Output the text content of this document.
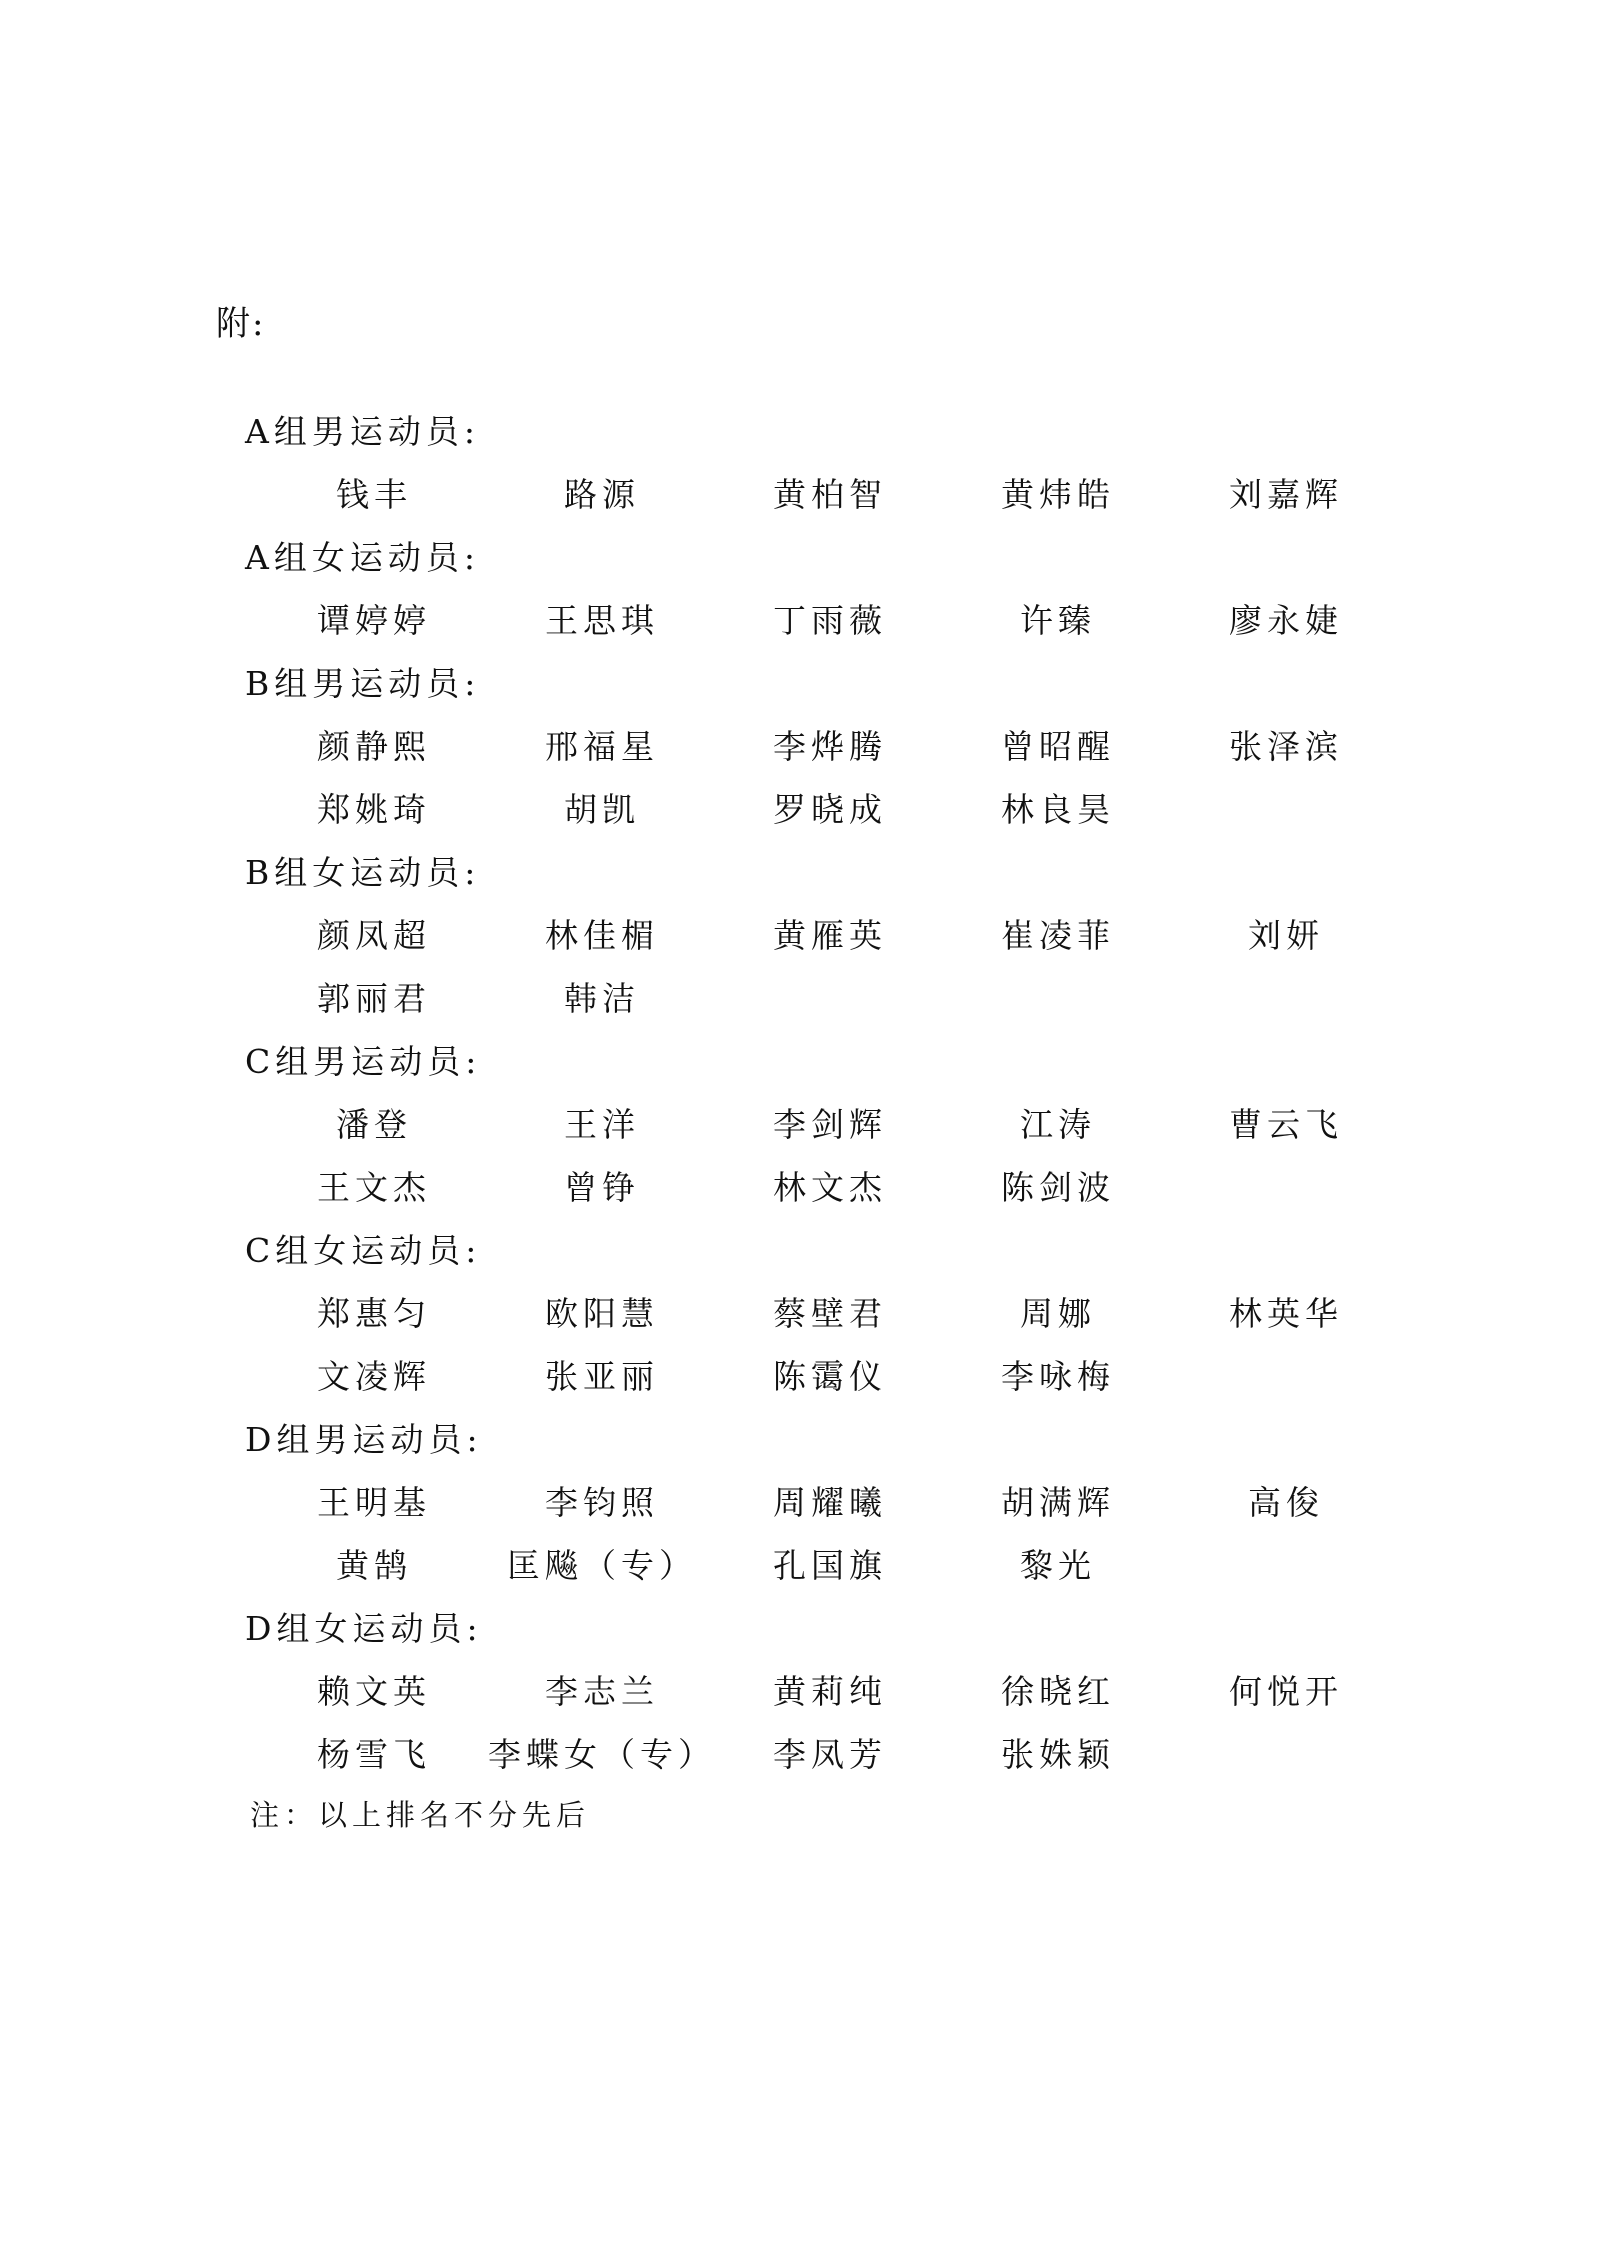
附:
A组男运动员:
钱丰	路源	黄柏智	黄炜皓	刘嘉辉
A组女运动员:
谭婷婷	王思琪	丁雨薇	许臻	廖永婕
B组男运动员:
颜静熙	邢福星	李烨腾	曾昭醒	张泽滨
郑姚琦	胡凯	罗晓成	林良昊
B组女运动员:
颜凤超	林佳楣	黄雁英	崔凌菲	刘妍
郭丽君	韩洁
C组男运动员:
潘登	王洋	李剑辉	江涛	曹云飞
王文杰	曾铮	林文杰	陈剑波
C组女运动员:
郑惠匀	欧阳慧	蔡壁君	周娜	林英华
文凌辉	张亚丽	陈霭仪	李咏梅
D组男运动员:
王明基	李钧照	周耀曦	胡满辉	高俊
黄鹄	匡飚（专）	孔国旗	黎光
D组女运动员:
赖文英	李志兰	黄莉纯	徐晓红	何悦开
杨雪飞	李蝶女（专）	李凤芳	张姝颖
注：以上排名不分先后
